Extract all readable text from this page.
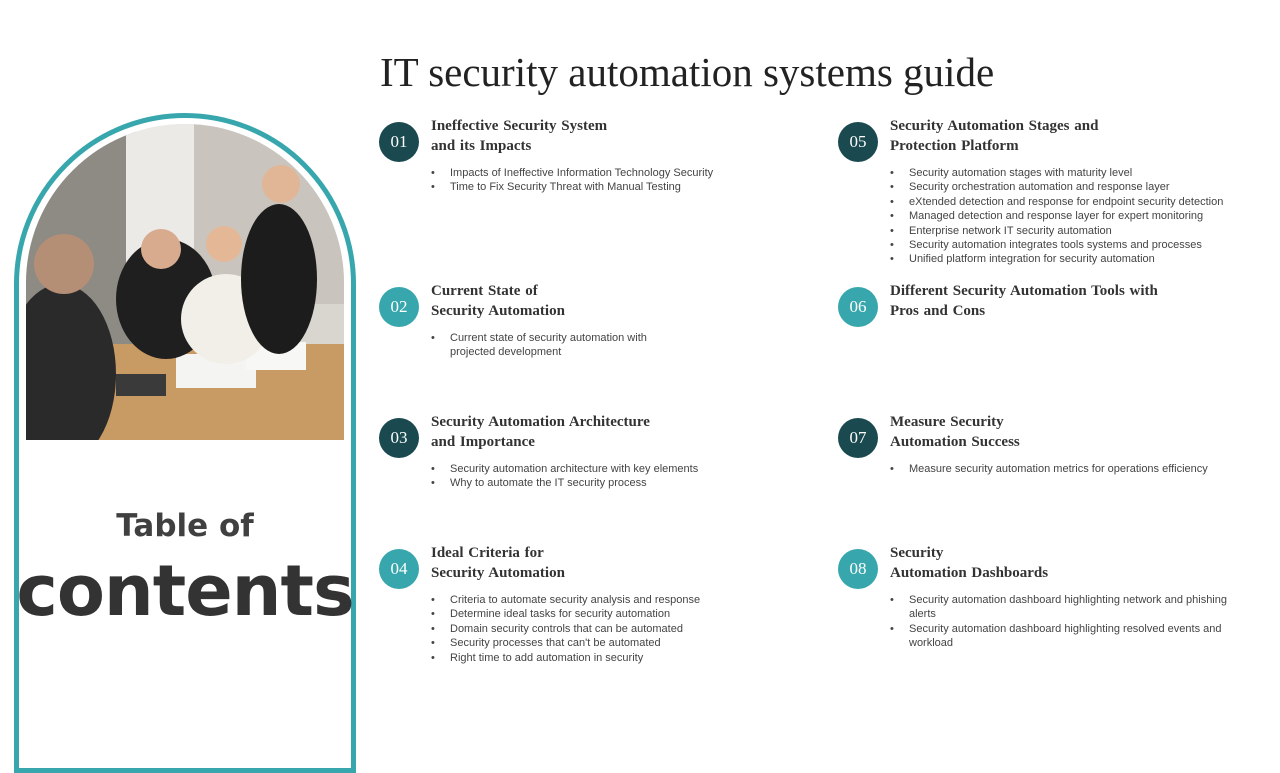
IT security automation systems guide
Table of
contents
01
Ineffective Security System
and its Impacts
• Impacts of Ineffective Information Technology Security
• Time to Fix Security Threat with Manual Testing
02
Current State of
Security Automation
• Current state of security automation with projected development
03
Security Automation Architecture
and Importance
• Security automation architecture with key elements
• Why to automate the IT security process
04
Ideal Criteria for
Security Automation
• Criteria to automate security analysis and response
• Determine ideal tasks for security automation
• Domain security controls that can be automated
• Security processes that can't be automated
• Right time to add automation in security
05
Security Automation Stages and
Protection Platform
• Security automation stages with maturity level
• Security orchestration automation and response layer
• eXtended detection and response for endpoint security detection
• Managed detection and response layer for expert monitoring
• Enterprise network IT security automation
• Security automation integrates tools systems and processes
• Unified platform integration for security automation
06
Different Security Automation Tools with
Pros and Cons
07
Measure Security
Automation Success
• Measure security automation metrics for operations efficiency
08
Security
Automation Dashboards
• Security automation dashboard highlighting network and phishing alerts
• Security automation dashboard highlighting resolved events and workload
